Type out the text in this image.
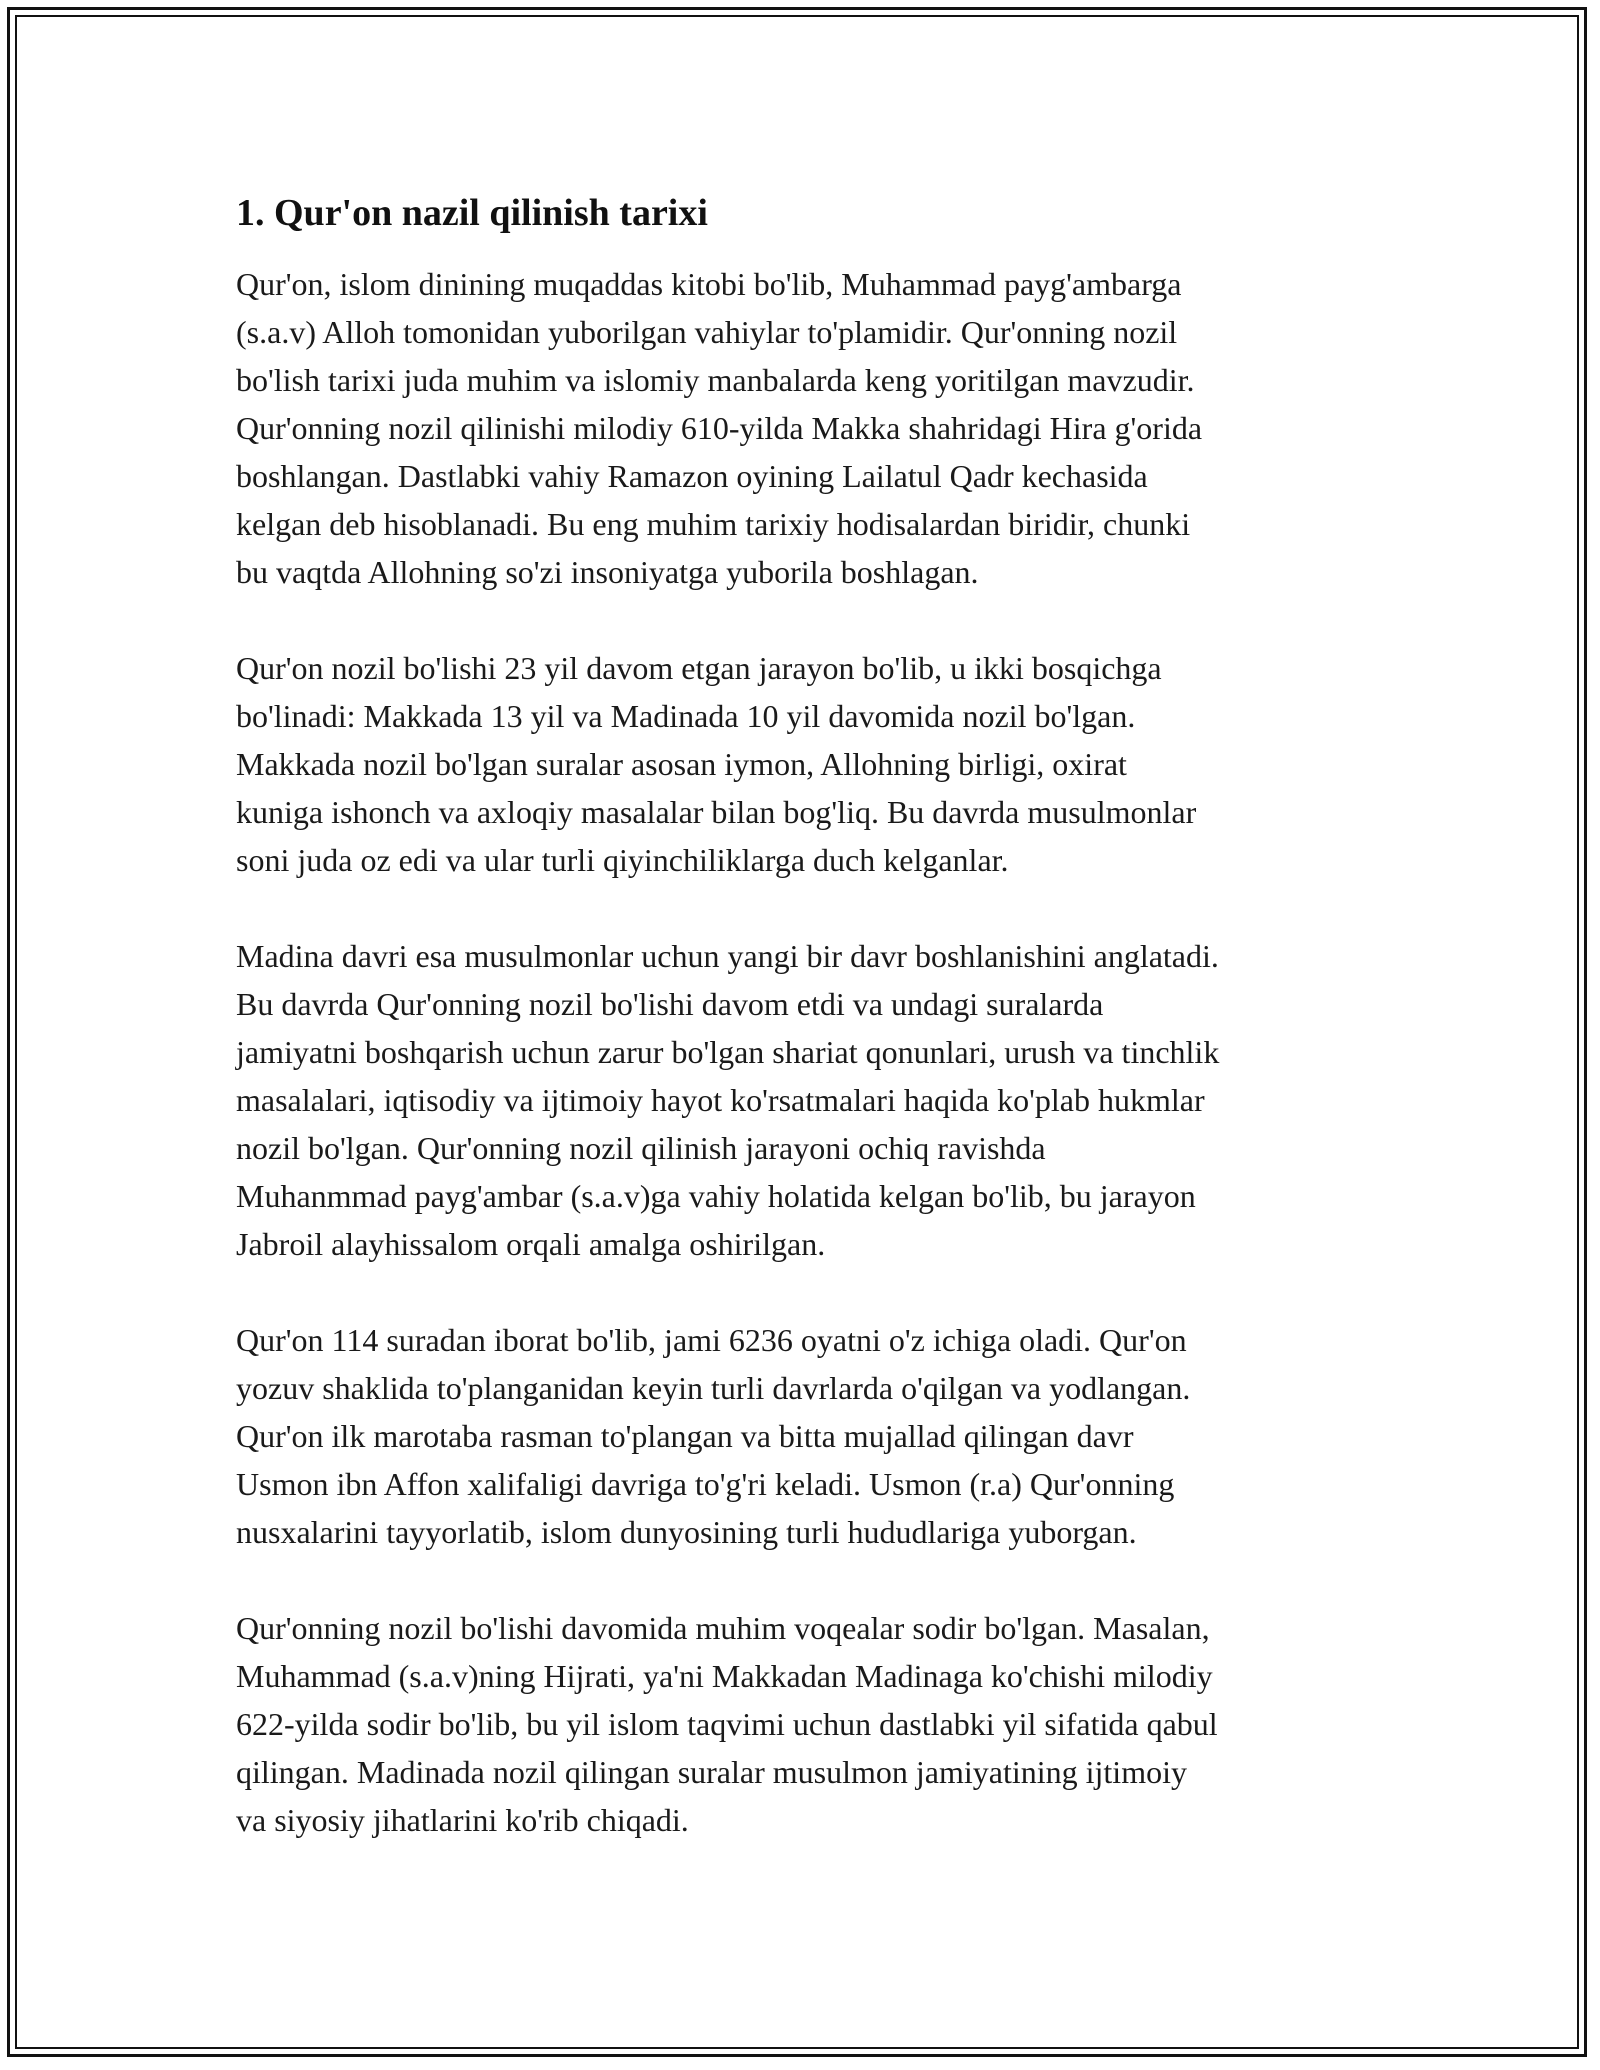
1. Qur'on nazil qilinish tarixi

Qur'on, islom dinining muqaddas kitobi bo'lib, Muhammad payg'ambarga
(s.a.v) Alloh tomonidan yuborilgan vahiylar to'plamidir. Qur'onning nozil
bo'lish tarixi juda muhim va islomiy manbalarda keng yoritilgan mavzudir.
Qur'onning nozil qilinishi milodiy 610-yilda Makka shahridagi Hira g'orida
boshlangan. Dastlabki vahiy Ramazon oyining Lailatul Qadr kechasida
kelgan deb hisoblanadi. Bu eng muhim tarixiy hodisalardan biridir, chunki
bu vaqtda Allohning so'zi insoniyatga yuborila boshlagan.

Qur'on nozil bo'lishi 23 yil davom etgan jarayon bo'lib, u ikki bosqichga
bo'linadi: Makkada 13 yil va Madinada 10 yil davomida nozil bo'lgan.
Makkada nozil bo'lgan suralar asosan iymon, Allohning birligi, oxirat
kuniga ishonch va axloqiy masalalar bilan bog'liq. Bu davrda musulmonlar
soni juda oz edi va ular turli qiyinchiliklarga duch kelganlar.

Madina davri esa musulmonlar uchun yangi bir davr boshlanishini anglatadi.
Bu davrda Qur'onning nozil bo'lishi davom etdi va undagi suralarda
jamiyatni boshqarish uchun zarur bo'lgan shariat qonunlari, urush va tinchlik
masalalari, iqtisodiy va ijtimoiy hayot ko'rsatmalari haqida ko'plab hukmlar
nozil bo'lgan. Qur'onning nozil qilinish jarayoni ochiq ravishda
Muhanmmad payg'ambar (s.a.v)ga vahiy holatida kelgan bo'lib, bu jarayon
Jabroil alayhissalom orqali amalga oshirilgan.

Qur'on 114 suradan iborat bo'lib, jami 6236 oyatni o'z ichiga oladi. Qur'on
yozuv shaklida to'planganidan keyin turli davrlarda o'qilgan va yodlangan.
Qur'on ilk marotaba rasman to'plangan va bitta mujallad qilingan davr
Usmon ibn Affon xalifaligi davriga to'g'ri keladi. Usmon (r.a) Qur'onning
nusxalarini tayyorlatib, islom dunyosining turli hududlariga yuborgan.

Qur'onning nozil bo'lishi davomida muhim voqealar sodir bo'lgan. Masalan,
Muhammad (s.a.v)ning Hijrati, ya'ni Makkadan Madinaga ko'chishi milodiy
622-yilda sodir bo'lib, bu yil islom taqvimi uchun dastlabki yil sifatida qabul
qilingan. Madinada nozil qilingan suralar musulmon jamiyatining ijtimoiy
va siyosiy jihatlarini ko'rib chiqadi.
